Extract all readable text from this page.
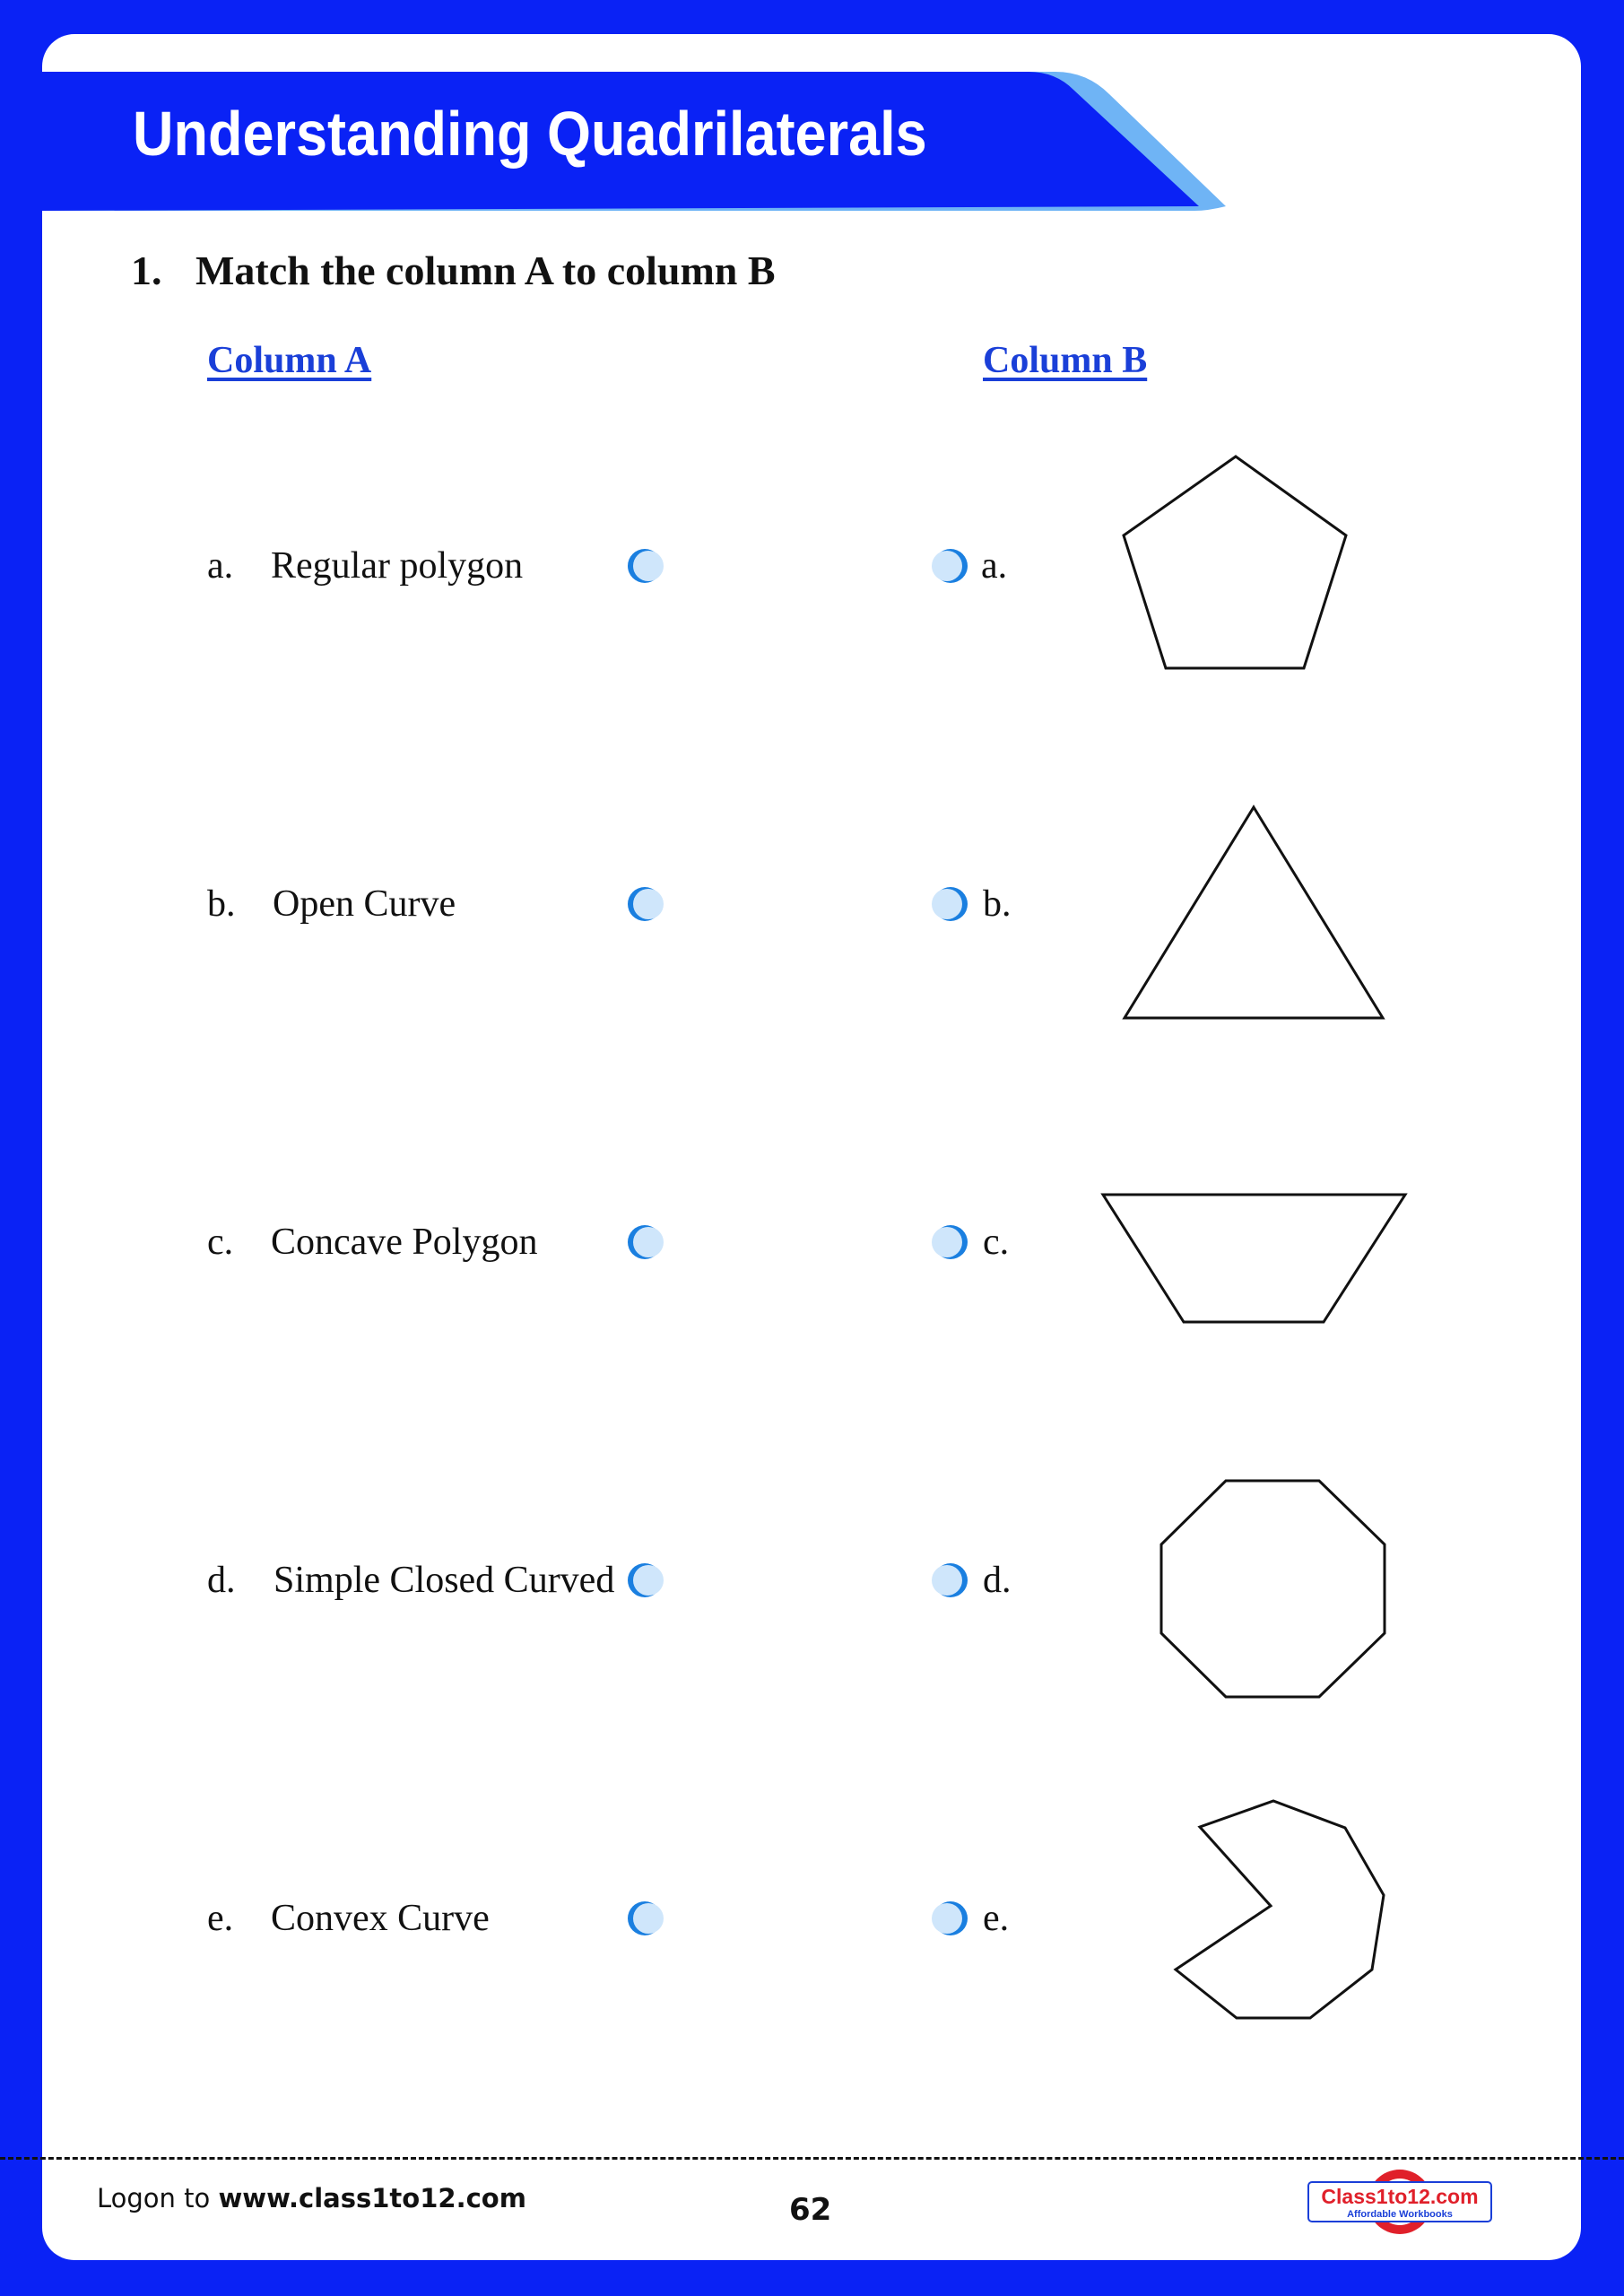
Understanding Quadrilaterals
1. Match the column A to column B
Column A	Column B
a. Regular polygon	a.
b. Open Curve	b.
c. Concave Polygon	c.
d. Simple Closed Curved	d.
e. Convex Curve	e.
Logon to www.class1to12.com	62	Class1to12.com
Affordable Workbooks
